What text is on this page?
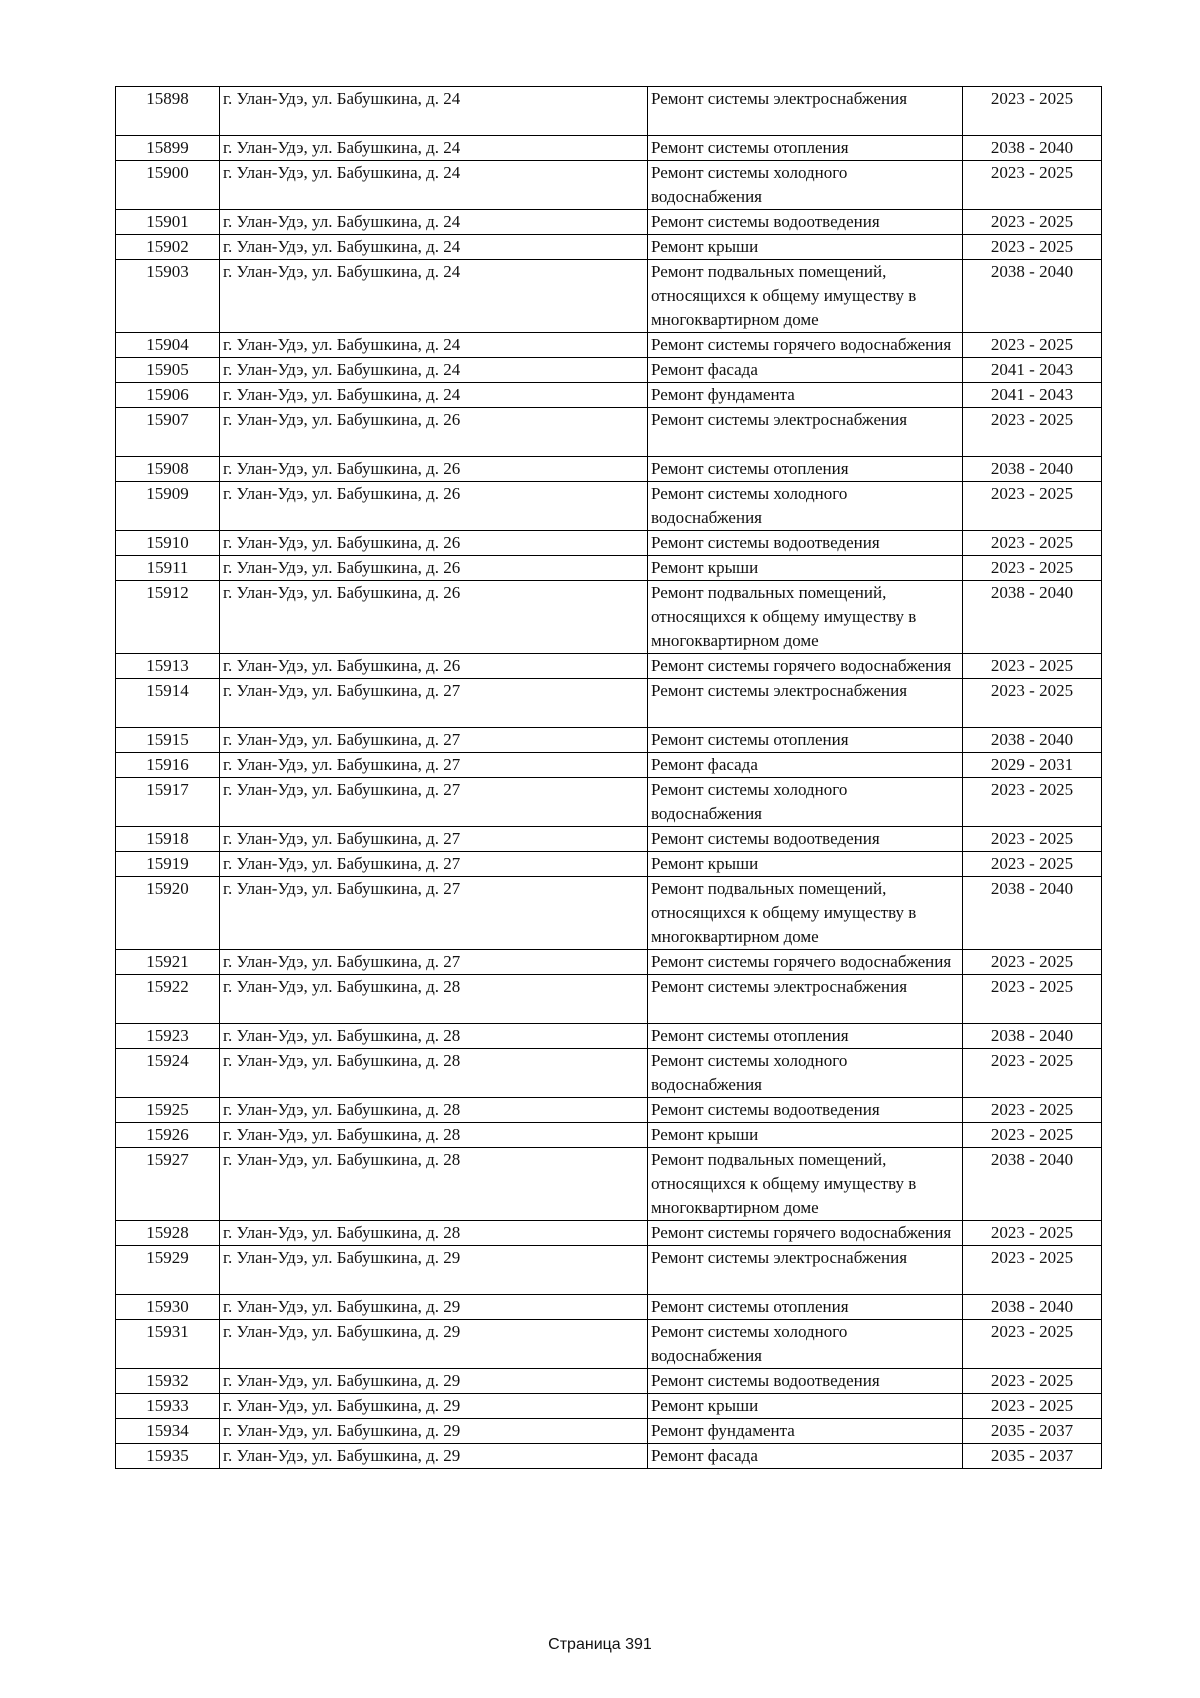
15898	г. Улан-Удэ, ул. Бабушкина, д. 24	Ремонт системы электроснабжения	2023 - 2025
15899	г. Улан-Удэ, ул. Бабушкина, д. 24	Ремонт системы отопления	2038 - 2040
15900	г. Улан-Удэ, ул. Бабушкина, д. 24	Ремонт системы холодного водоснабжения	2023 - 2025
15901	г. Улан-Удэ, ул. Бабушкина, д. 24	Ремонт системы водоотведения	2023 - 2025
15902	г. Улан-Удэ, ул. Бабушкина, д. 24	Ремонт крыши	2023 - 2025
15903	г. Улан-Удэ, ул. Бабушкина, д. 24	Ремонт подвальных помещений, относящихся к общему имуществу в многоквартирном доме	2038 - 2040
15904	г. Улан-Удэ, ул. Бабушкина, д. 24	Ремонт системы горячего водоснабжения	2023 - 2025
15905	г. Улан-Удэ, ул. Бабушкина, д. 24	Ремонт фасада	2041 - 2043
15906	г. Улан-Удэ, ул. Бабушкина, д. 24	Ремонт фундамента	2041 - 2043
15907	г. Улан-Удэ, ул. Бабушкина, д. 26	Ремонт системы электроснабжения	2023 - 2025
15908	г. Улан-Удэ, ул. Бабушкина, д. 26	Ремонт системы отопления	2038 - 2040
15909	г. Улан-Удэ, ул. Бабушкина, д. 26	Ремонт системы холодного водоснабжения	2023 - 2025
15910	г. Улан-Удэ, ул. Бабушкина, д. 26	Ремонт системы водоотведения	2023 - 2025
15911	г. Улан-Удэ, ул. Бабушкина, д. 26	Ремонт крыши	2023 - 2025
15912	г. Улан-Удэ, ул. Бабушкина, д. 26	Ремонт подвальных помещений, относящихся к общему имуществу в многоквартирном доме	2038 - 2040
15913	г. Улан-Удэ, ул. Бабушкина, д. 26	Ремонт системы горячего водоснабжения	2023 - 2025
15914	г. Улан-Удэ, ул. Бабушкина, д. 27	Ремонт системы электроснабжения	2023 - 2025
15915	г. Улан-Удэ, ул. Бабушкина, д. 27	Ремонт системы отопления	2038 - 2040
15916	г. Улан-Удэ, ул. Бабушкина, д. 27	Ремонт фасада	2029 - 2031
15917	г. Улан-Удэ, ул. Бабушкина, д. 27	Ремонт системы холодного водоснабжения	2023 - 2025
15918	г. Улан-Удэ, ул. Бабушкина, д. 27	Ремонт системы водоотведения	2023 - 2025
15919	г. Улан-Удэ, ул. Бабушкина, д. 27	Ремонт крыши	2023 - 2025
15920	г. Улан-Удэ, ул. Бабушкина, д. 27	Ремонт подвальных помещений, относящихся к общему имуществу в многоквартирном доме	2038 - 2040
15921	г. Улан-Удэ, ул. Бабушкина, д. 27	Ремонт системы горячего водоснабжения	2023 - 2025
15922	г. Улан-Удэ, ул. Бабушкина, д. 28	Ремонт системы электроснабжения	2023 - 2025
15923	г. Улан-Удэ, ул. Бабушкина, д. 28	Ремонт системы отопления	2038 - 2040
15924	г. Улан-Удэ, ул. Бабушкина, д. 28	Ремонт системы холодного водоснабжения	2023 - 2025
15925	г. Улан-Удэ, ул. Бабушкина, д. 28	Ремонт системы водоотведения	2023 - 2025
15926	г. Улан-Удэ, ул. Бабушкина, д. 28	Ремонт крыши	2023 - 2025
15927	г. Улан-Удэ, ул. Бабушкина, д. 28	Ремонт подвальных помещений, относящихся к общему имуществу в многоквартирном доме	2038 - 2040
15928	г. Улан-Удэ, ул. Бабушкина, д. 28	Ремонт системы горячего водоснабжения	2023 - 2025
15929	г. Улан-Удэ, ул. Бабушкина, д. 29	Ремонт системы электроснабжения	2023 - 2025
15930	г. Улан-Удэ, ул. Бабушкина, д. 29	Ремонт системы отопления	2038 - 2040
15931	г. Улан-Удэ, ул. Бабушкина, д. 29	Ремонт системы холодного водоснабжения	2023 - 2025
15932	г. Улан-Удэ, ул. Бабушкина, д. 29	Ремонт системы водоотведения	2023 - 2025
15933	г. Улан-Удэ, ул. Бабушкина, д. 29	Ремонт крыши	2023 - 2025
15934	г. Улан-Удэ, ул. Бабушкина, д. 29	Ремонт фундамента	2035 - 2037
15935	г. Улан-Удэ, ул. Бабушкина, д. 29	Ремонт фасада	2035 - 2037
Страница 391
